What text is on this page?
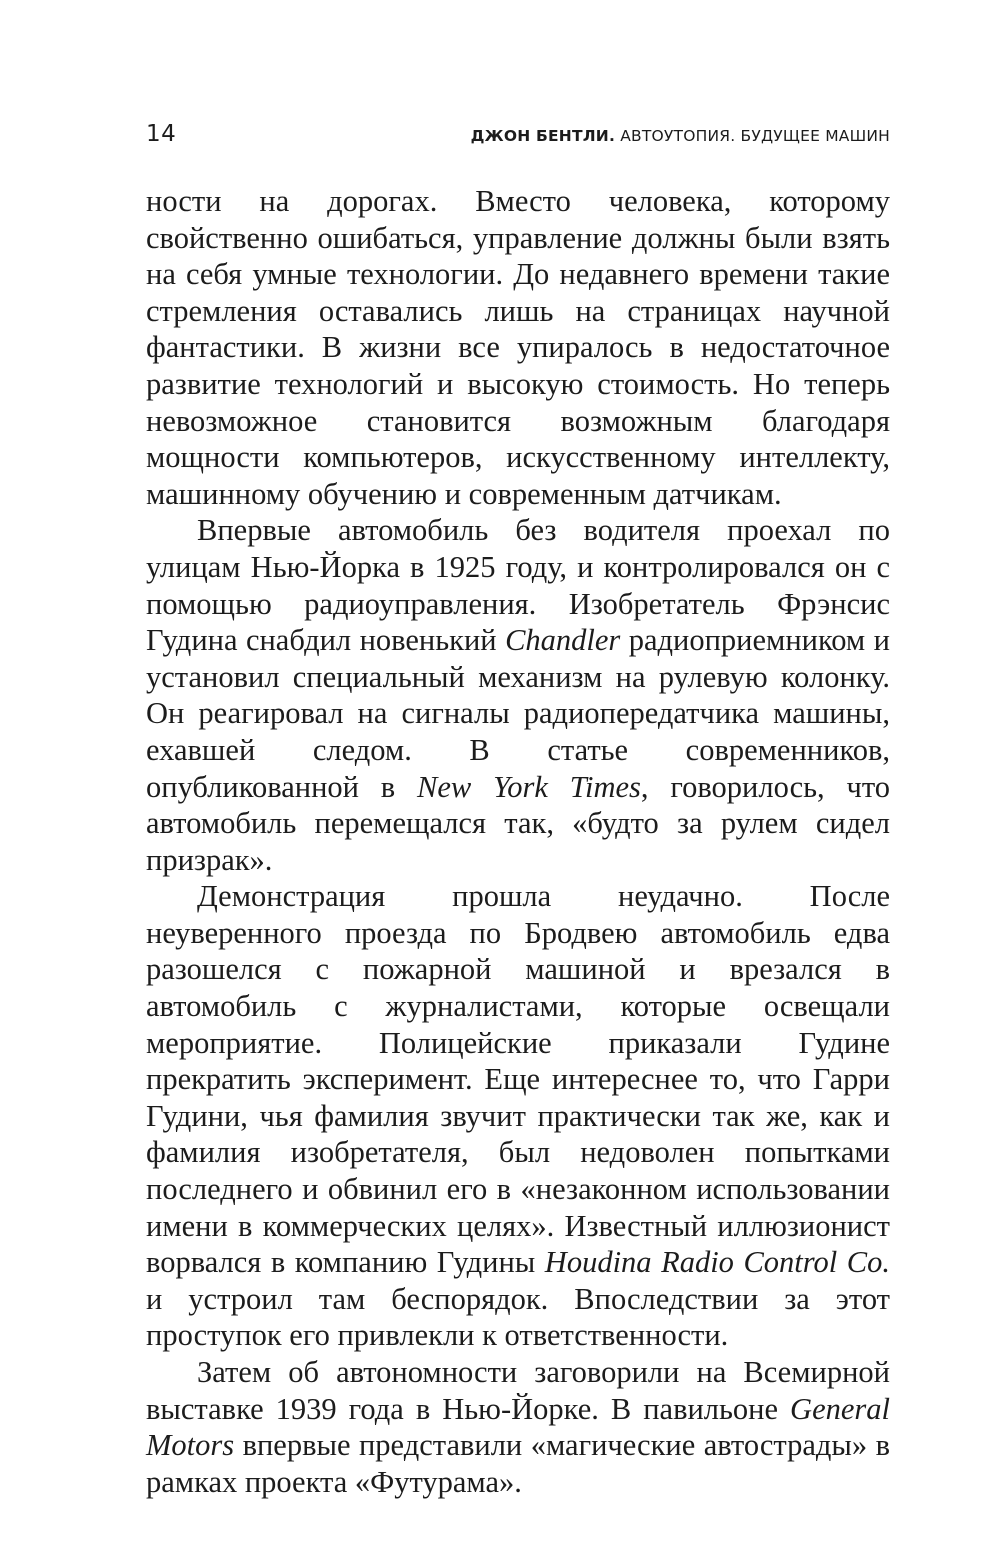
14	ДЖОН БЕНТЛИ. АВТОУТОПИЯ. БУДУЩЕЕ МАШИН

ности на дорогах. Вместо человека, которому свойственно ошибаться, управление должны были взять на себя умные технологии. До недавнего времени такие стремления оставались лишь на страницах научной фантастики. В жизни все упиралось в недостаточное развитие технологий и высокую стоимость. Но теперь невозможное становится возможным благодаря мощности компьютеров, искусственному интеллекту, машинному обучению и современным датчикам.

Впервые автомобиль без водителя проехал по улицам Нью-Йорка в 1925 году, и контролировался он с помощью радиоуправления. Изобретатель Фрэнсис Гудина снабдил новенький Chandler радиоприемником и установил специальный механизм на рулевую колонку. Он реагировал на сигналы радиопередатчика машины, ехавшей следом. В статье современников, опубликованной в New York Times, говорилось, что автомобиль перемещался так, «будто за рулем сидел призрак».

Демонстрация прошла неудачно. После неуверенного проезда по Бродвею автомобиль едва разошелся с пожарной машиной и врезался в автомобиль с журналистами, которые освещали мероприятие. Полицейские приказали Гудине прекратить эксперимент. Еще интереснее то, что Гарри Гудини, чья фамилия звучит практически так же, как и фамилия изобретателя, был недоволен попытками последнего и обвинил его в «незаконном использовании имени в коммерческих целях». Известный иллюзионист ворвался в компанию Гудины Houdina Radio Control Co. и устроил там беспорядок. Впоследствии за этот проступок его привлекли к ответственности.

Затем об автономности заговорили на Всемирной выставке 1939 года в Нью-Йорке. В павильоне General Motors впервые представили «магические автострады» в рамках проекта «Футурама».
